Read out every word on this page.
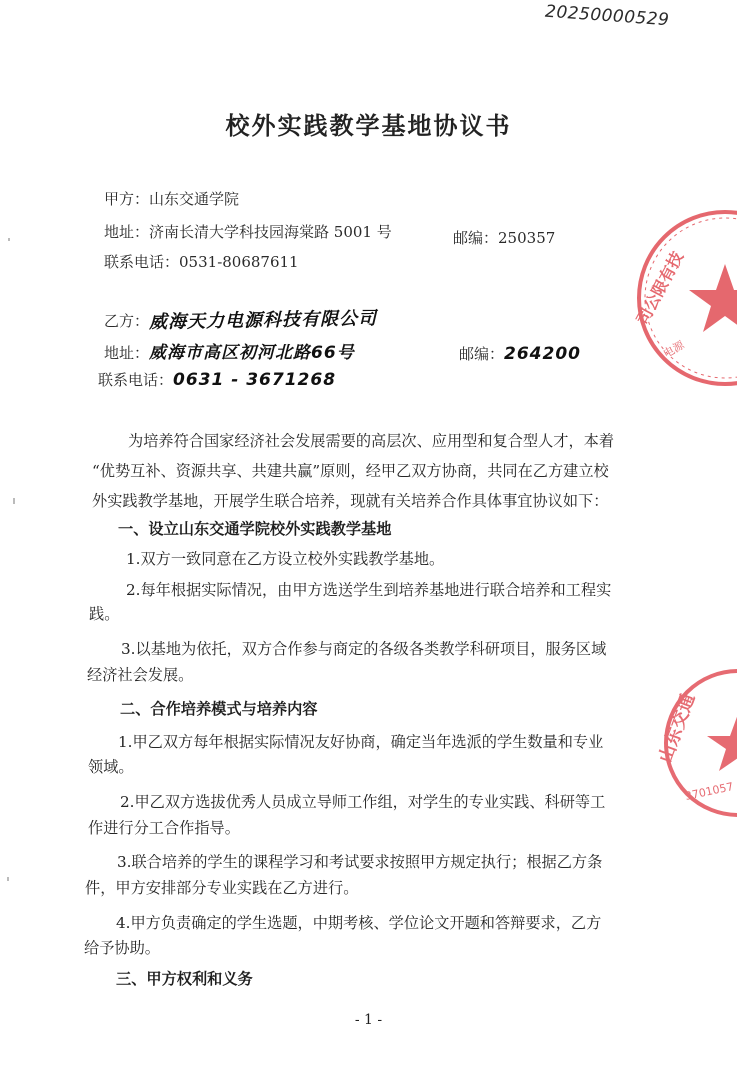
20250000529
校外实践教学基地协议书
甲方：山东交通学院
地址：济南长清大学科技园海棠路 5001 号	邮编：250357
联系电话：0531-80687611
乙方：威海天力电源科技有限公司
地址：威海市高区初河北路66号	邮编：264200
联系电话：0631 - 3671268
为培养符合国家经济社会发展需要的高层次、应用型和复合型人才，本着
“优势互补、资源共享、共建共赢”原则，经甲乙双方协商，共同在乙方建立校
外实践教学基地，开展学生联合培养，现就有关培养合作具体事宜协议如下：
一、设立山东交通学院校外实践教学基地
1.双方一致同意在乙方设立校外实践教学基地。
2.每年根据实际情况，由甲方选送学生到培养基地进行联合培养和工程实
践。
3.以基地为依托，双方合作参与商定的各级各类教学科研项目，服务区域
经济社会发展。
二、合作培养模式与培养内容
1.甲乙双方每年根据实际情况友好协商，确定当年选派的学生数量和专业
领域。
2.甲乙双方选拔优秀人员成立导师工作组，对学生的专业实践、科研等工
作进行分工合作指导。
3.联合培养的学生的课程学习和考试要求按照甲方规定执行；根据乙方条
件，甲方安排部分专业实践在乙方进行。
4.甲方负责确定的学生选题，中期考核、学位论文开题和答辩要求，乙方
给予协助。
三、甲方权利和义务
- 1 -
司公限有技
电源
山东交通
3701057
